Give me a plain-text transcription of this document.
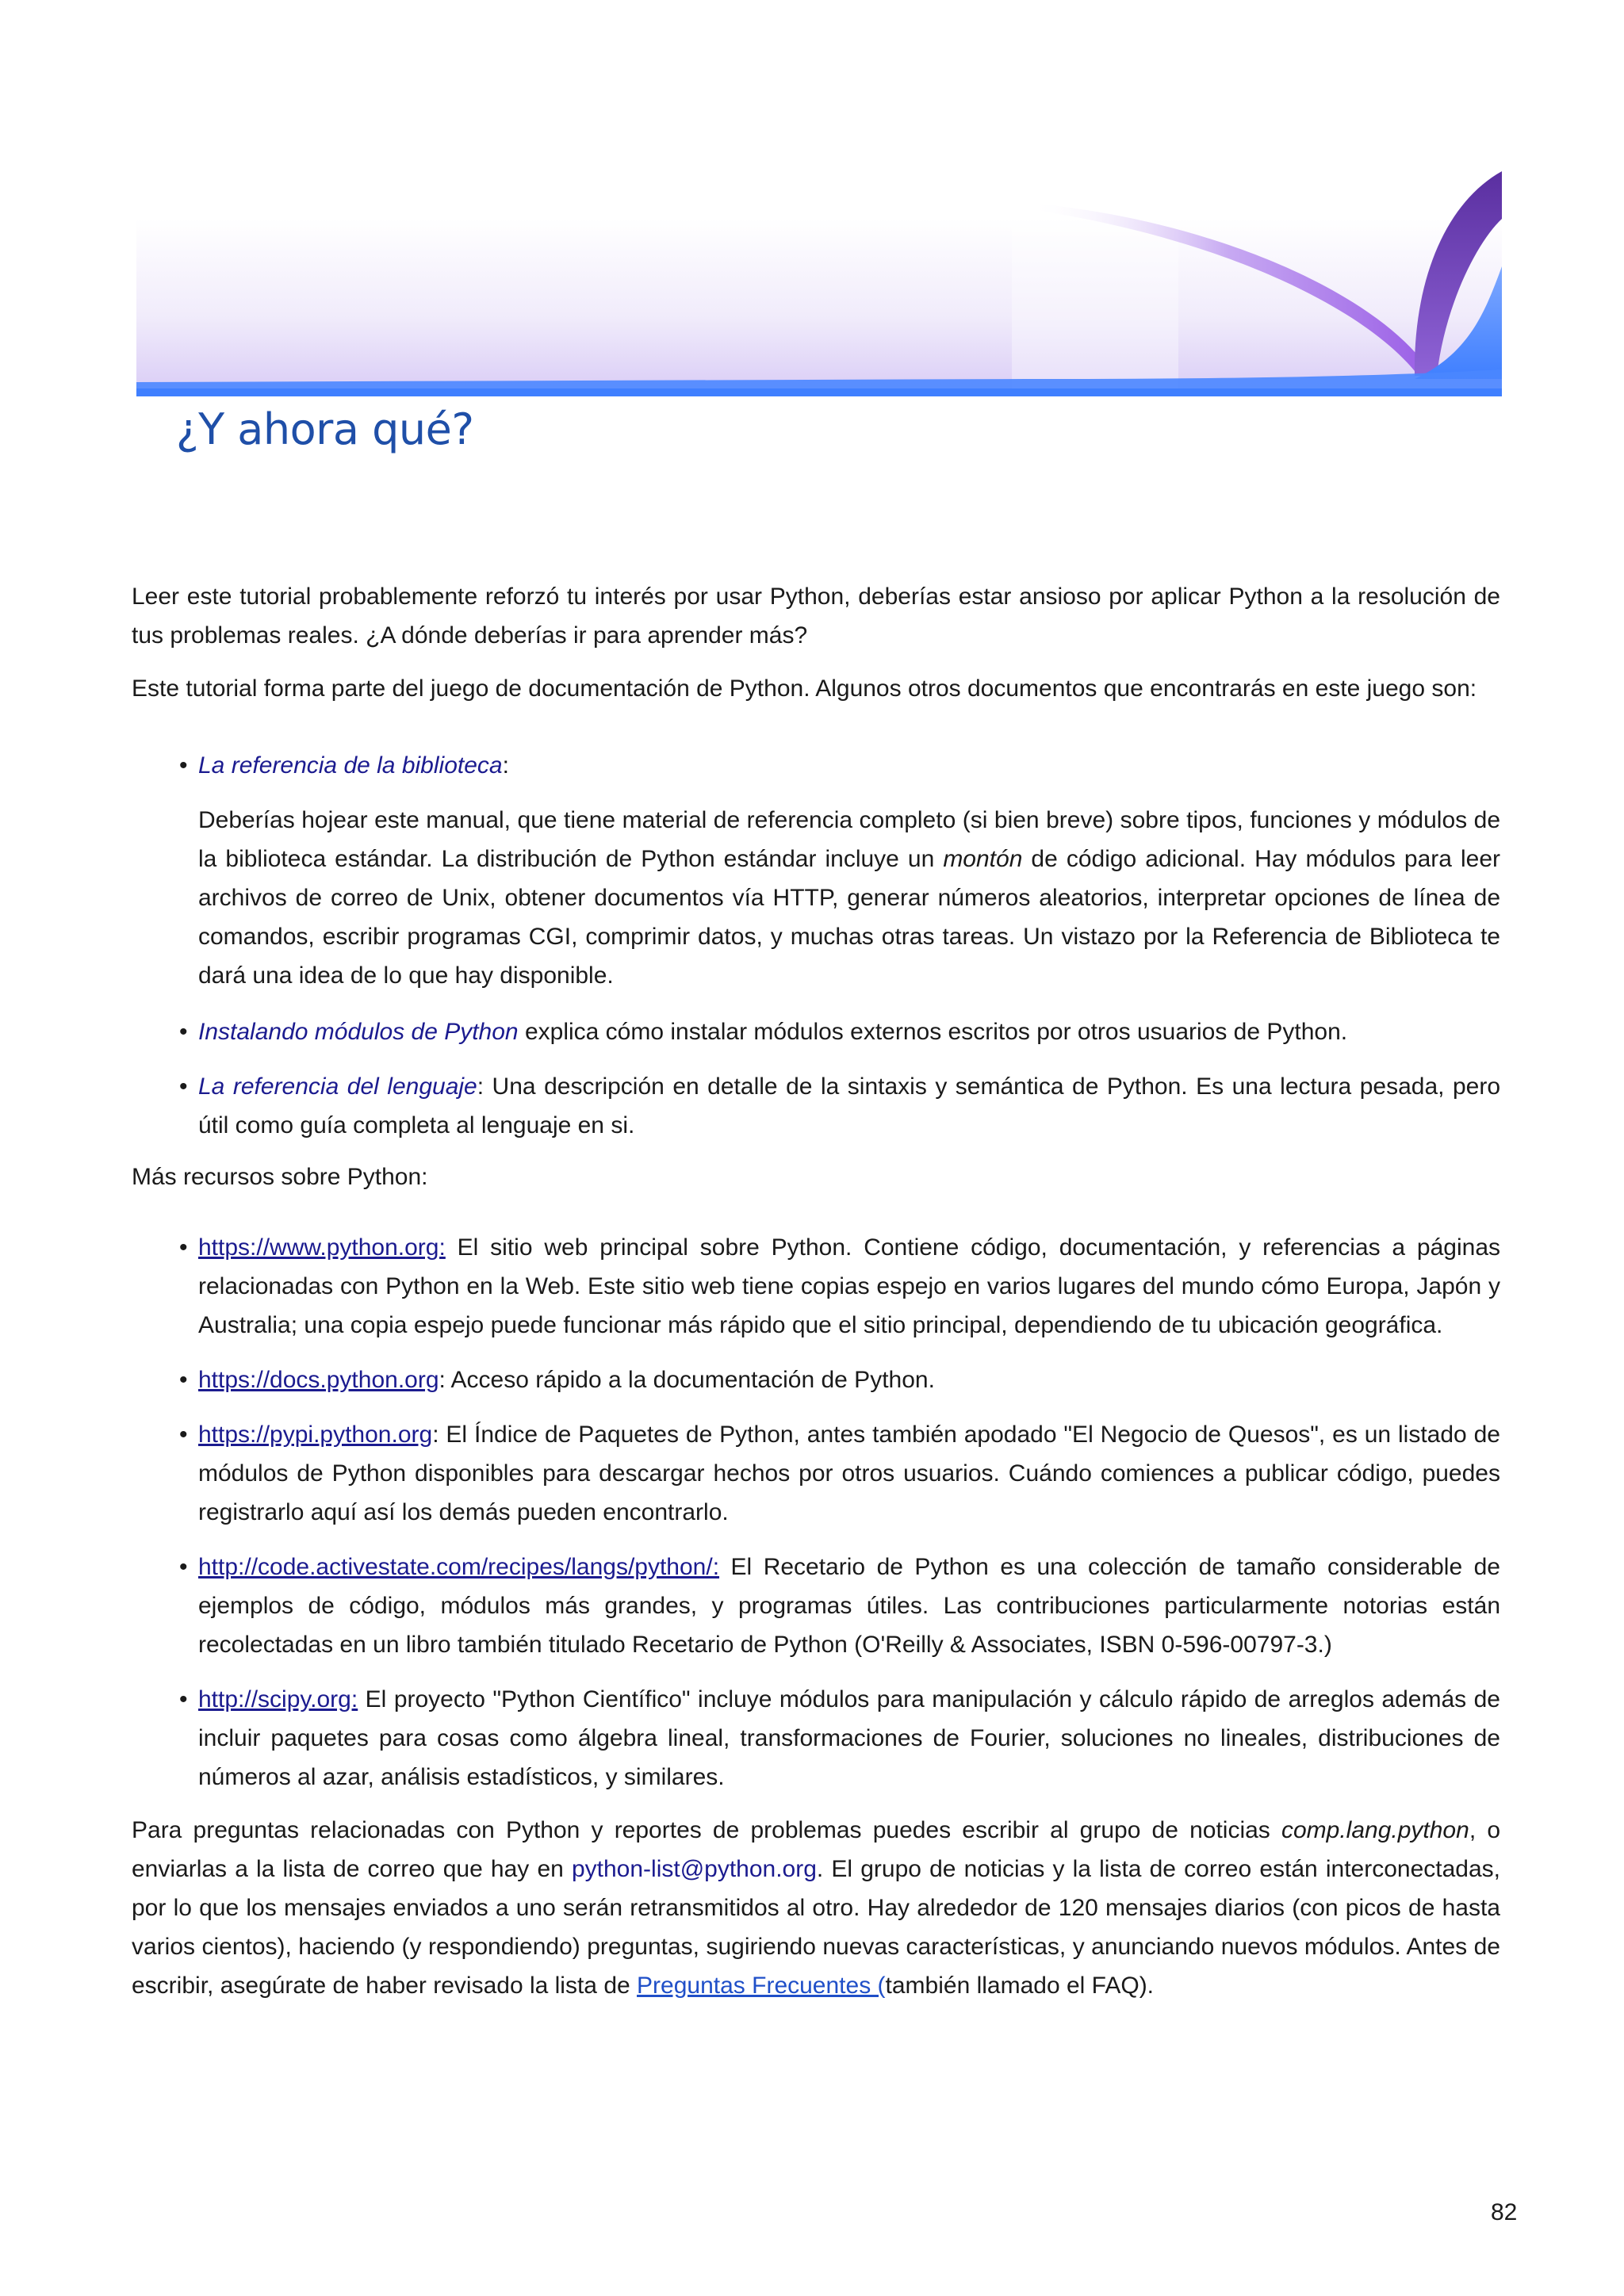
¿Y ahora qué?

Leer este tutorial probablemente reforzó tu interés por usar Python, deberías estar ansioso por aplicar Python a la resolución de tus problemas reales. ¿A dónde deberías ir para aprender más?

Este tutorial forma parte del juego de documentación de Python. Algunos otros documentos que encontrarás en este juego son:

• La referencia de la biblioteca:

Deberías hojear este manual, que tiene material de referencia completo (si bien breve) sobre tipos, funciones y módulos de la biblioteca estándar. La distribución de Python estándar incluye un montón de código adicional. Hay módulos para leer archivos de correo de Unix, obtener documentos vía HTTP, generar números aleatorios, interpretar opciones de línea de comandos, escribir programas CGI, comprimir datos, y muchas otras tareas. Un vistazo por la Referencia de Biblioteca te dará una idea de lo que hay disponible.

• Instalando módulos de Python explica cómo instalar módulos externos escritos por otros usuarios de Python.
• La referencia del lenguaje: Una descripción en detalle de la sintaxis y semántica de Python. Es una lectura pesada, pero útil como guía completa al lenguaje en si.

Más recursos sobre Python:

• https://www.python.org: El sitio web principal sobre Python. Contiene código, documentación, y referencias a páginas relacionadas con Python en la Web. Este sitio web tiene copias espejo en varios lugares del mundo cómo Europa, Japón y Australia; una copia espejo puede funcionar más rápido que el sitio principal, dependiendo de tu ubicación geográfica.
• https://docs.python.org: Acceso rápido a la documentación de Python.
• https://pypi.python.org: El Índice de Paquetes de Python, antes también apodado "El Negocio de Quesos", es un listado de módulos de Python disponibles para descargar hechos por otros usuarios. Cuándo comiences a publicar código, puedes registrarlo aquí así los demás pueden encontrarlo.
• http://code.activestate.com/recipes/langs/python/: El Recetario de Python es una colección de tamaño considerable de ejemplos de código, módulos más grandes, y programas útiles. Las contribuciones particularmente notorias están recolectadas en un libro también titulado Recetario de Python (O'Reilly & Associates, ISBN 0-596-00797-3.)
• http://scipy.org: El proyecto "Python Científico" incluye módulos para manipulación y cálculo rápido de arreglos además de incluir paquetes para cosas como álgebra lineal, transformaciones de Fourier, soluciones no lineales, distribuciones de números al azar, análisis estadísticos, y similares.

Para preguntas relacionadas con Python y reportes de problemas puedes escribir al grupo de noticias comp.lang.python, o enviarlas a la lista de correo que hay en python-list@python.org. El grupo de noticias y la lista de correo están interconectadas, por lo que los mensajes enviados a uno serán retransmitidos al otro. Hay alrededor de 120 mensajes diarios (con picos de hasta varios cientos), haciendo (y respondiendo) preguntas, sugiriendo nuevas características, y anunciando nuevos módulos. Antes de escribir, asegúrate de haber revisado la lista de Preguntas Frecuentes (también llamado el FAQ).

82
